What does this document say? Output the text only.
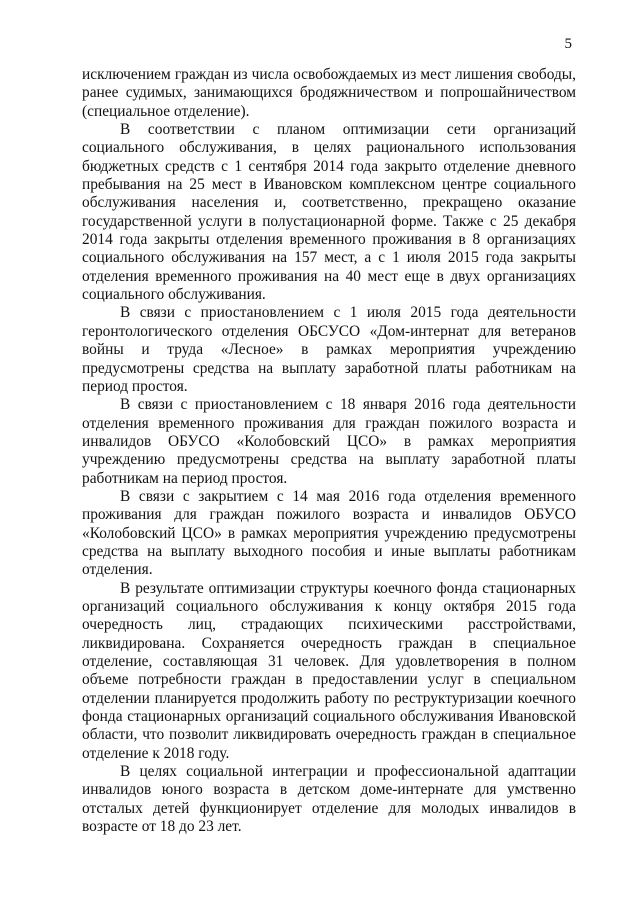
5

исключением граждан из числа освобождаемых из мест лишения свободы, ранее судимых, занимающихся бродяжничеством и попрошайничеством (специальное отделение).

В соответствии с планом оптимизации сети организаций социального обслуживания, в целях рационального использования бюджетных средств с 1 сентября 2014 года закрыто отделение дневного пребывания на 25 мест в Ивановском комплексном центре социального обслуживания населения и, соответственно, прекращено оказание государственной услуги в полустационарной форме. Также с 25 декабря 2014 года закрыты отделения временного проживания в 8 организациях социального обслуживания на 157 мест, а с 1 июля 2015 года закрыты отделения временного проживания на 40 мест еще в двух организациях социального обслуживания.

В связи с приостановлением с 1 июля 2015 года деятельности геронтологического отделения ОБСУСО «Дом-интернат для ветеранов войны и труда «Лесное» в рамках мероприятия учреждению предусмотрены средства на выплату заработной платы работникам на период простоя.

В связи с приостановлением с 18 января 2016 года деятельности отделения временного проживания для граждан пожилого возраста и инвалидов ОБУСО «Колобовский ЦСО» в рамках мероприятия учреждению предусмотрены средства на выплату заработной платы работникам на период простоя.

В связи с закрытием с 14 мая 2016 года отделения временного проживания для граждан пожилого возраста и инвалидов ОБУСО «Колобовский ЦСО» в рамках мероприятия учреждению предусмотрены средства на выплату выходного пособия и иные выплаты работникам отделения.

В результате оптимизации структуры коечного фонда стационарных организаций социального обслуживания к концу октября 2015 года очередность лиц, страдающих психическими расстройствами, ликвидирована. Сохраняется очередность граждан в специальное отделение, составляющая 31 человек. Для удовлетворения в полном объеме потребности граждан в предоставлении услуг в специальном отделении планируется продолжить работу по реструктуризации коечного фонда стационарных организаций социального обслуживания Ивановской области, что позволит ликвидировать очередность граждан в специальное отделение к 2018 году.

В целях социальной интеграции и профессиональной адаптации инвалидов юного возраста в детском доме-интернате для умственно отсталых детей функционирует отделение для молодых инвалидов в возрасте от 18 до 23 лет.
